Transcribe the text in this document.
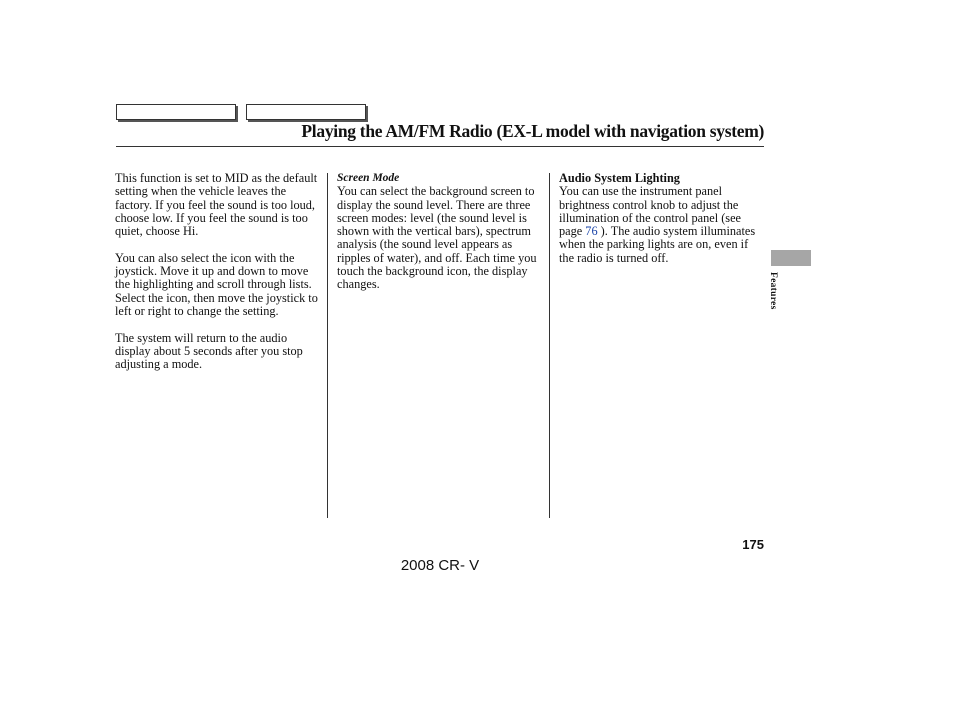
Playing the AM/FM Radio (EX-L model with navigation system)

This function is set to MID as the default setting when the vehicle leaves the factory. If you feel the sound is too loud, choose low. If you feel the sound is too quiet, choose Hi.

You can also select the icon with the joystick. Move it up and down to move the highlighting and scroll through lists. Select the icon, then move the joystick to left or right to change the setting.

The system will return to the audio display about 5 seconds after you stop adjusting a mode.

Screen Mode

You can select the background screen to display the sound level. There are three screen modes: level (the sound level is shown with the vertical bars), spectrum analysis (the sound level appears as ripples of water), and off. Each time you touch the background icon, the display changes.

Audio System Lighting

You can use the instrument panel brightness control knob to adjust the illumination of the control panel (see page 76 ). The audio system illuminates when the parking lights are on, even if the radio is turned off.

Features
175
2008 CR- V
